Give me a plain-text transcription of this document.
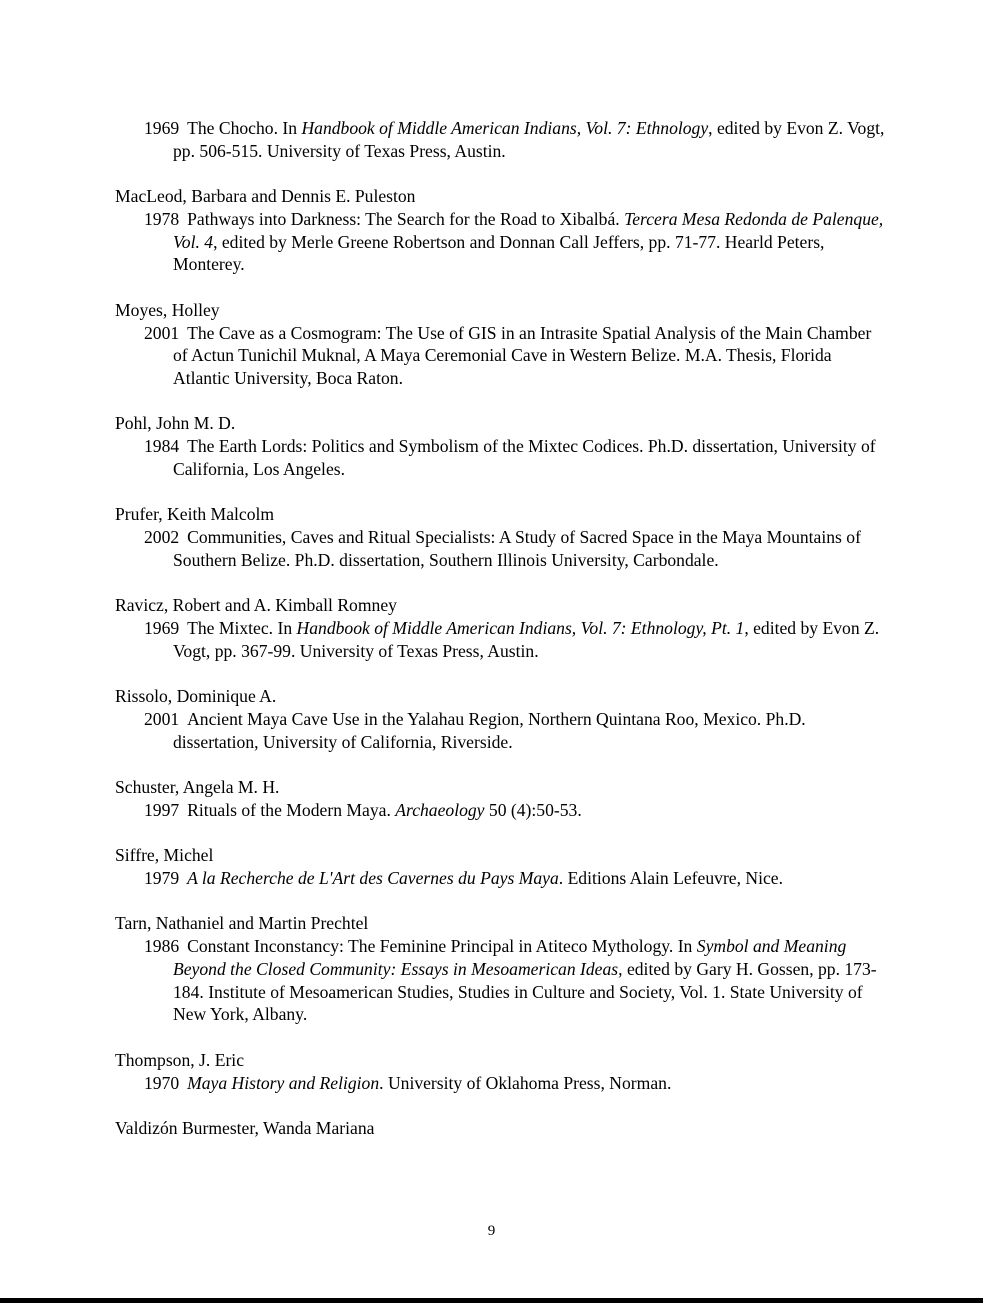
1969 The Chocho. In Handbook of Middle American Indians, Vol. 7: Ethnology, edited by Evon Z. Vogt, pp. 506-515. University of Texas Press, Austin.
MacLeod, Barbara and Dennis E. Puleston
1978 Pathways into Darkness: The Search for the Road to Xibalbá. Tercera Mesa Redonda de Palenque, Vol. 4, edited by Merle Greene Robertson and Donnan Call Jeffers, pp. 71-77. Hearld Peters, Monterey.
Moyes, Holley
2001 The Cave as a Cosmogram: The Use of GIS in an Intrasite Spatial Analysis of the Main Chamber of Actun Tunichil Muknal, A Maya Ceremonial Cave in Western Belize. M.A. Thesis, Florida Atlantic University, Boca Raton.
Pohl, John M. D.
1984 The Earth Lords: Politics and Symbolism of the Mixtec Codices. Ph.D. dissertation, University of California, Los Angeles.
Prufer, Keith Malcolm
2002 Communities, Caves and Ritual Specialists: A Study of Sacred Space in the Maya Mountains of Southern Belize. Ph.D. dissertation, Southern Illinois University, Carbondale.
Ravicz, Robert and A. Kimball Romney
1969 The Mixtec. In Handbook of Middle American Indians, Vol. 7: Ethnology, Pt. 1, edited by Evon Z. Vogt, pp. 367-99. University of Texas Press, Austin.
Rissolo, Dominique A.
2001 Ancient Maya Cave Use in the Yalahau Region, Northern Quintana Roo, Mexico. Ph.D. dissertation, University of California, Riverside.
Schuster, Angela M. H.
1997 Rituals of the Modern Maya. Archaeology 50 (4):50-53.
Siffre, Michel
1979 A la Recherche de L'Art des Cavernes du Pays Maya. Editions Alain Lefeuvre, Nice.
Tarn, Nathaniel and Martin Prechtel
1986 Constant Inconstancy: The Feminine Principal in Atiteco Mythology. In Symbol and Meaning Beyond the Closed Community: Essays in Mesoamerican Ideas, edited by Gary H. Gossen, pp. 173-184. Institute of Mesoamerican Studies, Studies in Culture and Society, Vol. 1. State University of New York, Albany.
Thompson, J. Eric
1970 Maya History and Religion. University of Oklahoma Press, Norman.
Valdizón Burmester, Wanda Mariana
9
